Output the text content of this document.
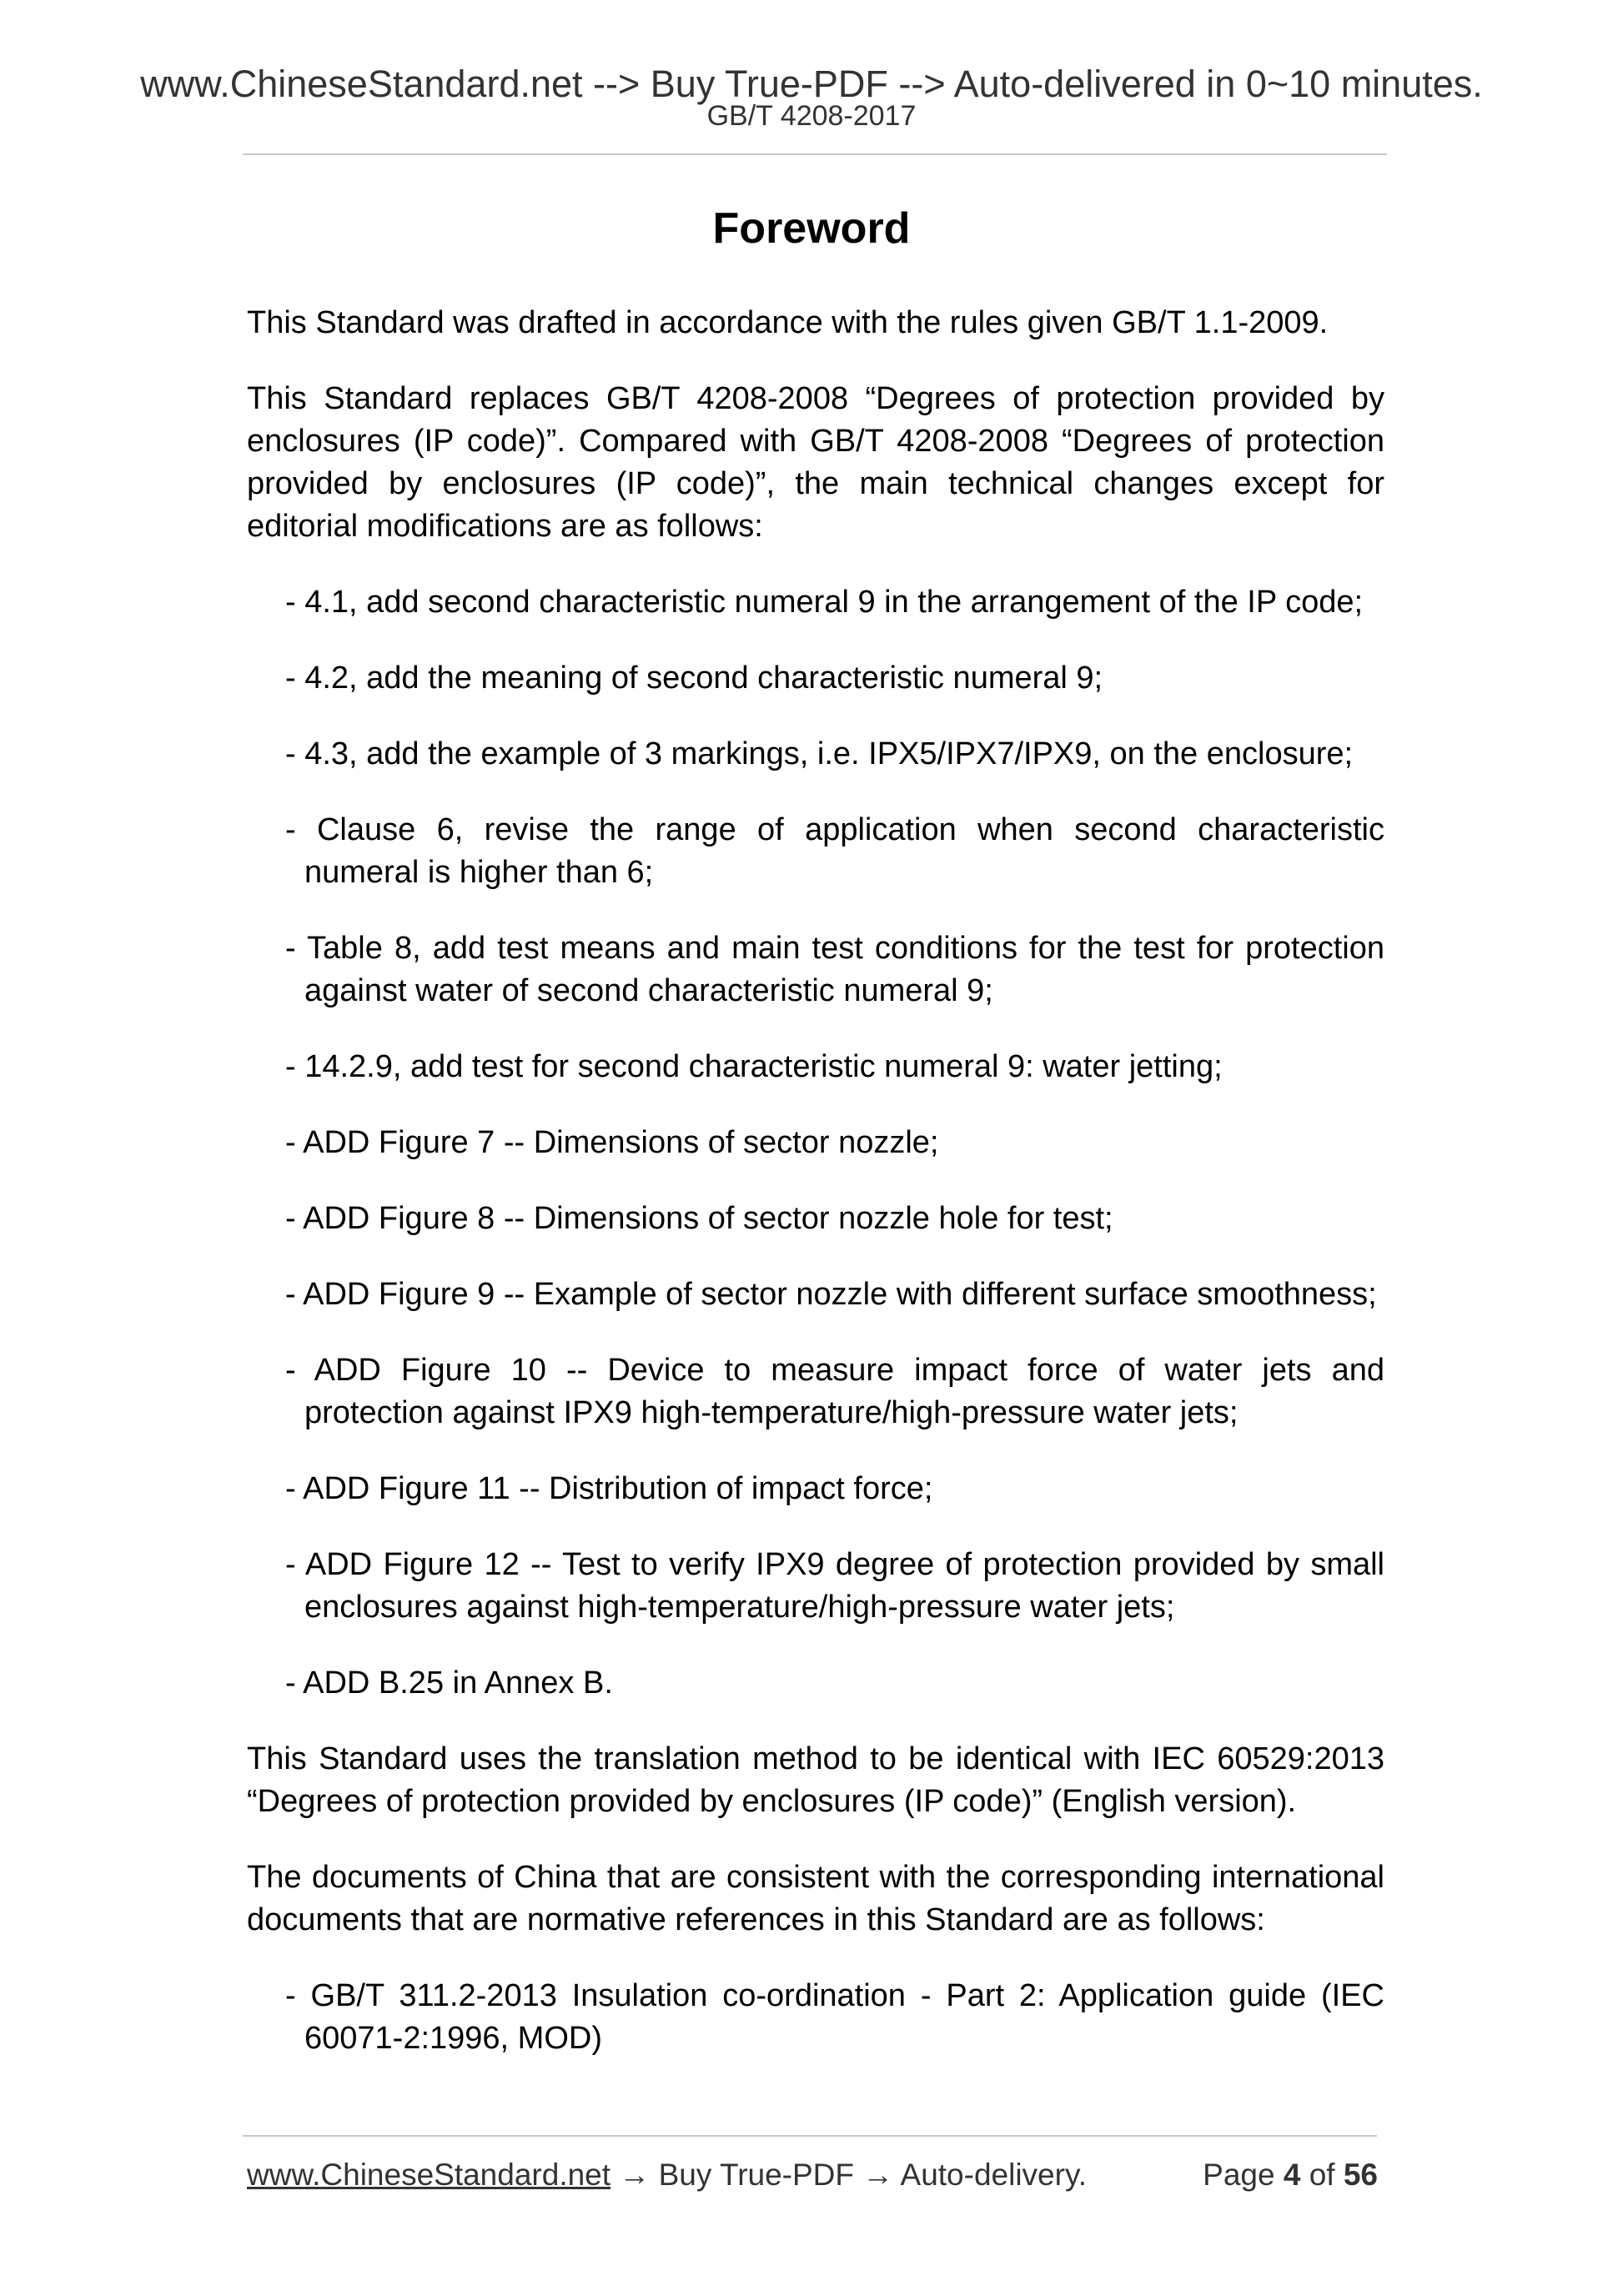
www.ChineseStandard.net --> Buy True-PDF --> Auto-delivered in 0~10 minutes.
GB/T 4208-2017
Foreword

This Standard was drafted in accordance with the rules given GB/T 1.1-2009.

This Standard replaces GB/T 4208-2008 “Degrees of protection provided by enclosures (IP code)”. Compared with GB/T 4208-2008 “Degrees of protection provided by enclosures (IP code)”, the main technical changes except for editorial modifications are as follows:

- 4.1, add second characteristic numeral 9 in the arrangement of the IP code;
- 4.2, add the meaning of second characteristic numeral 9;
- 4.3, add the example of 3 markings, i.e. IPX5/IPX7/IPX9, on the enclosure;
- Clause 6, revise the range of application when second characteristic numeral is higher than 6;
- Table 8, add test means and main test conditions for the test for protection against water of second characteristic numeral 9;
- 14.2.9, add test for second characteristic numeral 9: water jetting;
- ADD Figure 7 -- Dimensions of sector nozzle;
- ADD Figure 8 -- Dimensions of sector nozzle hole for test;
- ADD Figure 9 -- Example of sector nozzle with different surface smoothness;
- ADD Figure 10 -- Device to measure impact force of water jets and protection against IPX9 high-temperature/high-pressure water jets;
- ADD Figure 11 -- Distribution of impact force;
- ADD Figure 12 -- Test to verify IPX9 degree of protection provided by small enclosures against high-temperature/high-pressure water jets;
- ADD B.25 in Annex B.

This Standard uses the translation method to be identical with IEC 60529:2013 “Degrees of protection provided by enclosures (IP code)” (English version).

The documents of China that are consistent with the corresponding international documents that are normative references in this Standard are as follows:

- GB/T 311.2-2013 Insulation co-ordination - Part 2: Application guide (IEC 60071-2:1996, MOD)
www.ChineseStandard.net → Buy True-PDF → Auto-delivery.	Page 4 of 56
